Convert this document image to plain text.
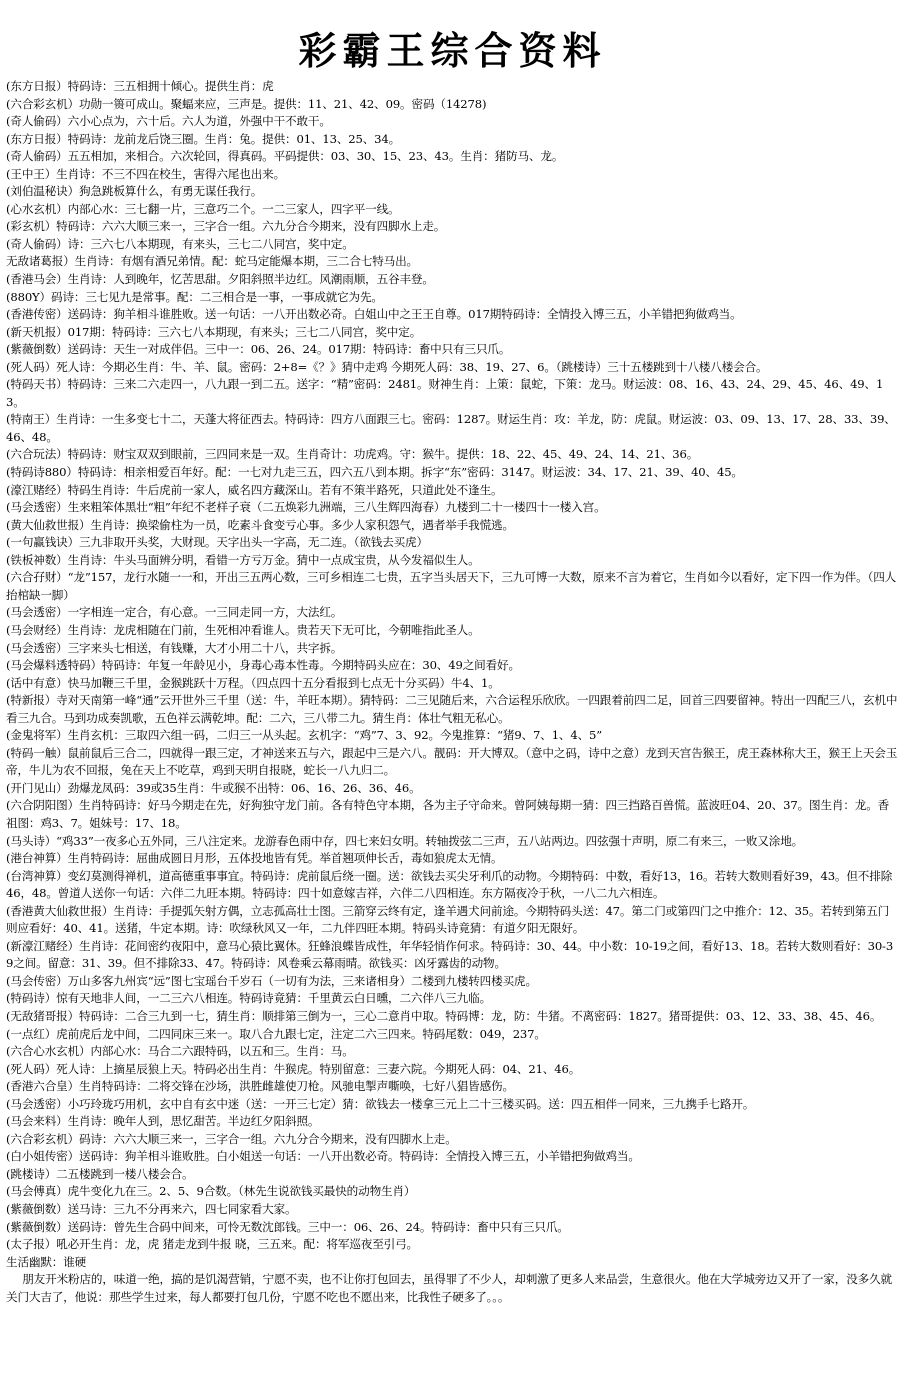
彩霸王综合资料
(东方日报）特码诗：三五相拥十倾心。提供生肖：虎
(六合彩玄机）功勋一篑可成山。聚蝠来应，三声是。提供：11、21、42、09。密码（14278)
(奇人偷码）六小心点为，六十后。六人为道，外强中干不敢干。
(东方日报）特码诗：龙前龙后饶三圈。生肖：兔。提供：01、13、25、34。
(奇人偷码）五五相加，来相合。六次轮回，得真码。平码提供：03、30、15、23、43。生肖：猪防马、龙。
(王中王）生肖诗：不三不四在校生，害得六尾也出来。
(刘伯温秘诀）狗急跳板算什么，有勇无谋任我行。
(心水玄机）内部心水：三七翻一片，三意巧二个。一二三家人，四字平一线。
(彩玄机）特码诗：六六大顺三来一，三字合一组。六九分合今期来，没有四脚水上走。
(奇人偷码）诗：三六七八本期现，有来头，三七二八同宫，奖中定。
无敌诸葛报）生肖诗：有烟有酒兄弟情。配：蛇马定能爆本期，三二合七特马出。
(香港马会）生肖诗：人到晚年，忆苦思甜。夕阳斜照半边红。风潮雨顺，五谷丰登。
(880Y）码诗：三七见九是常事。配：二三相合是一事，一事成就它为先。
(香港传密）送码诗：狗羊相斗谁胜败。送一句话：一八开出数必奇。白姐山中之王王自尊。017期特码诗：全情投入博三五，小羊错把狗做鸡当。
(新天机报）017期：特码诗：三六七八本期现，有来头；三七二八同宫，奖中定。
(紫薇倒数）送码诗：天生一对成伴侣。三中一：06、26、24。017期：特码诗：畜中只有三只爪。
(死人码）死人诗：今期必生肖：牛、羊、鼠。密码：2+8=《？》猜中走鸡 今期死人码：38、19、27、6。（跳楼诗）三十五楼跳到十八楼八楼会合。
(特码天书）特码诗：三来二六走四一，八九跟一到二五。送字：“精”密码：2481。财神生肖：上策：鼠蛇，下策：龙马。财运波：08、16、43、24、29、45、46、49、13。
(特南王）生肖诗：一生多变七十二，天蓬大将征西去。特码诗：四方八面跟三七。密码：1287。财运生肖：攻：羊龙，防：虎鼠。财运波：03、09、13、17、28、33、39、46、48。
(六合玩法）特码诗：财宝双双到眼前，三四同来是一双。生肖奇计：功虎鸡。守：猴牛。提供：18、22、45、49、24、14、21、36。
(特码诗880）特码诗：相亲相爱百年好。配：一七对九走三五，四六五八到本期。拆字“东”密码：3147。财运波：34、17、21、39、40、45。
(濠江赌经）特码生肖诗：牛后虎前一家人，威名四方藏深山。若有不策半路死，只道此处不逢生。
(马会透密）生来粗笨体黑壮“粗”年纪不老样子衰（二五焕彩九洲端，三八生辉四海春）九楼到二十一楼四十一楼入宫。
(黄大仙救世报）生肖诗：换梁偷柱为一员，吃素斗食变亏心事。多少人家积怨气，遇者举手我慌逃。
(一句赢钱诀）三九非取开头奖，大财现。天字出头一字高，无二连。（欲钱去买虎）
(铁板神数）生肖诗：牛头马面辨分明，看错一方亏万金。猜中一点成宝贵，从今发福似生人。
(六合孖财）“龙”157，龙行水随一一和，开出三五两心数，三可乡相连二七贵，五字当头居天下，三九可博一大数，原来不言为着它，生肖如今以看好，定下四一作为伴。（四人抬棺缺一脚）
(马会透密）一字相连一定合，有心意。一三同走同一方，大法红。
(马会财经）生肖诗：龙虎相随在门前，生死相冲看谁人。贵若天下无可比，今朝唯指此圣人。
(马会透密）三字来头七相送，有钱赚，大才小用二十八，共字拆。
(马会爆料透特码）特码诗：年复一年龄见小，身毒心毒本性毒。今期特码头应在：30、49之间看好。
(话中有意）快马加鞭三千里，金猴跳跃十万程。（四点四十五分看报到七点无十分买码）牛4、1。
(特新报）寺对天南第一峰“通”云开世外三千里（送：牛，羊旺本期）。猜特码：二三见随后来，六合运程乐欣欣。一四跟着前四二足，回首三四要留神。特出一四配三八，玄机中看三九合。马到功成奏凯歌，五色祥云满乾坤。配：二六，三八带二九。猜生肖：体壮气粗无私心。
(金鬼将军）生肖玄机：三取四六组一码，二归三一从头起。玄机字：“鸡”7、3、92。今鬼推算：“猪9、7、1、4、5”
(特码一触）鼠前鼠后三合二，四就得一跟三定，才神送来五与六，跟起中三是六八。靓码：开大博双。（意中之码，诗中之意）龙到天宫告猴王，虎王森林称大王，猴王上天会玉帝，牛儿为农不回报，兔在天上不吃草，鸡到天明自报晓，蛇长一八九归二。
(开门见山）劲爆龙凤码：39或35生肖：牛或猴不出特：06、16、26、36、46。
(六合阴阳图）生肖特码诗：好马今期走在先，好狗独守龙门前。各有特色守本期，各为主子守命来。曾阿姨每期一猜：四三挡路百兽慌。蓝波旺04、20、37。图生肖：龙。香祖图：鸡3、7。姐妹号：17、18。
(马头诗）“鸡33”一夜多心五外同，三八注定来。龙游春色雨中存，四七来妇女明。转轴拨弦二三声，五八站两边。四弦强十声明，原二有来三，一败又涂地。
(港台神算）生肖特码诗：屈曲成圆日月形，五体投地皆有凭。举首翘项伸长舌，毒如狼虎太无情。
(台湾神算）变幻莫测得禅机，道高德重事事宜。特码诗：虎前鼠后绕一圈。送：欲钱去买尖牙利爪的动物。今期特码：中数，看好13，16。若转大数则看好39，43。但不排除46，48。曾道人送你一句话：六伴二九旺本期。特码诗：四十如意嫁吉祥，六伴二八四相连。东方隔夜冷于秋，一八二九六相连。
(香港黄大仙救世报）生肖诗：手提弧矢射方偶，立志孤高壮士图。三箭穿云终有定，逢羊遇犬问前途。今期特码头送：47。第二门或第四门之中推介：12、35。若转到第五门则应看好：40、41。送猪，牛定本期。诗：吹绿秋风又一年，二九伴四旺本期。特码头诗竟猜：有道夕阳无限好。
(新濠江赌经）生肖诗：花间密约夜阳中，意马心猿比翼休。狂蜂浪蝶皆成性，年华轻悄作何求。特码诗：30、44。中小数：10-19之间，看好13、18。若转大数则看好：30-39之间。留意：31、39。但不排除33、47。特码诗：风卷乘云幕雨晴。欲钱买：凶牙露齿的动物。
(马会传密）万山多客九州宾“远”图七宝瑶台千岁石（一切有为法，三来诸相身）二楼到九楼转四楼买虎。
(特码诗）惊有天地非人间，一二三六八相连。特码诗竟猜：千里黄云白日曛，二六伴八三九临。
(无敌猪哥报）特码诗：二合三九到一七，猜生肖：顺排第三倒为一，三心二意肖中取。特码博：龙，防：牛猪。不离密码：1827。猪哥提供：03、12、33、38、45、46。
(一点红）虎前虎后龙中间，二四同床三来一。取八合九跟七定，注定二六三四来。特码尾数：049，237。
(六合心水玄机）内部心水：马合二六跟特码，以五和三。生肖：马。
(死人码）死人诗：上摘星辰狼上天。特码必出生肖：牛猴虎。特别留意：三妻六院。今期死人码：04、21、46。
(香港六合皇）生肖特码诗：二将交锋在沙场，洪胜雌雄使刀枪。风驰电掣声嘶唤，七好八猖皆感伤。
(马会透密）小巧玲珑巧用机，玄中自有玄中迷（送：一开三七定）猜：欲钱去一楼拿三元上二十三楼买码。送：四五相伴一同来，三九携手七路开。
(马会来料）生肖诗：晚年人到，思忆甜苦。半边红夕阳斜照。
(六合彩玄机）码诗：六六大顺三来一，三字合一组。六九分合今期来，没有四脚水上走。
(白小姐传密）送码诗：狗羊相斗谁败胜。白小姐送一句话：一八开出数必奇。特码诗：全情投入博三五，小羊错把狗做鸡当。
(跳楼诗）二五楼跳到一楼八楼会合。
(马会傅真）虎牛变化九在三。2、5、9合数。（林先生说欲钱买最快的动物生肖）
(紫薇倒数）送马诗：三九不分再来六，四七同家看大家。
(紫薇倒数）送码诗：曾先生合码中间来，可怜无数沈郎钱。三中一：06、26、24。特码诗：畜中只有三只爪。
(太子报）吼必开生肖：龙，虎 猪走龙到牛报 晓，三五来。配：将军巡夜至引弓。
生活幽默：谁硬
朋友开米粉店的，味道一绝，搞的是饥渴营销，宁愿不卖，也不让你打包回去，虽得罪了不少人，却刺激了更多人来品尝，生意很火。他在大学城旁边又开了一家，没多久就关门大吉了，他说：那些学生过来，每人都要打包几份，宁愿不吃也不愿出来，比我性子硬多了。。。
